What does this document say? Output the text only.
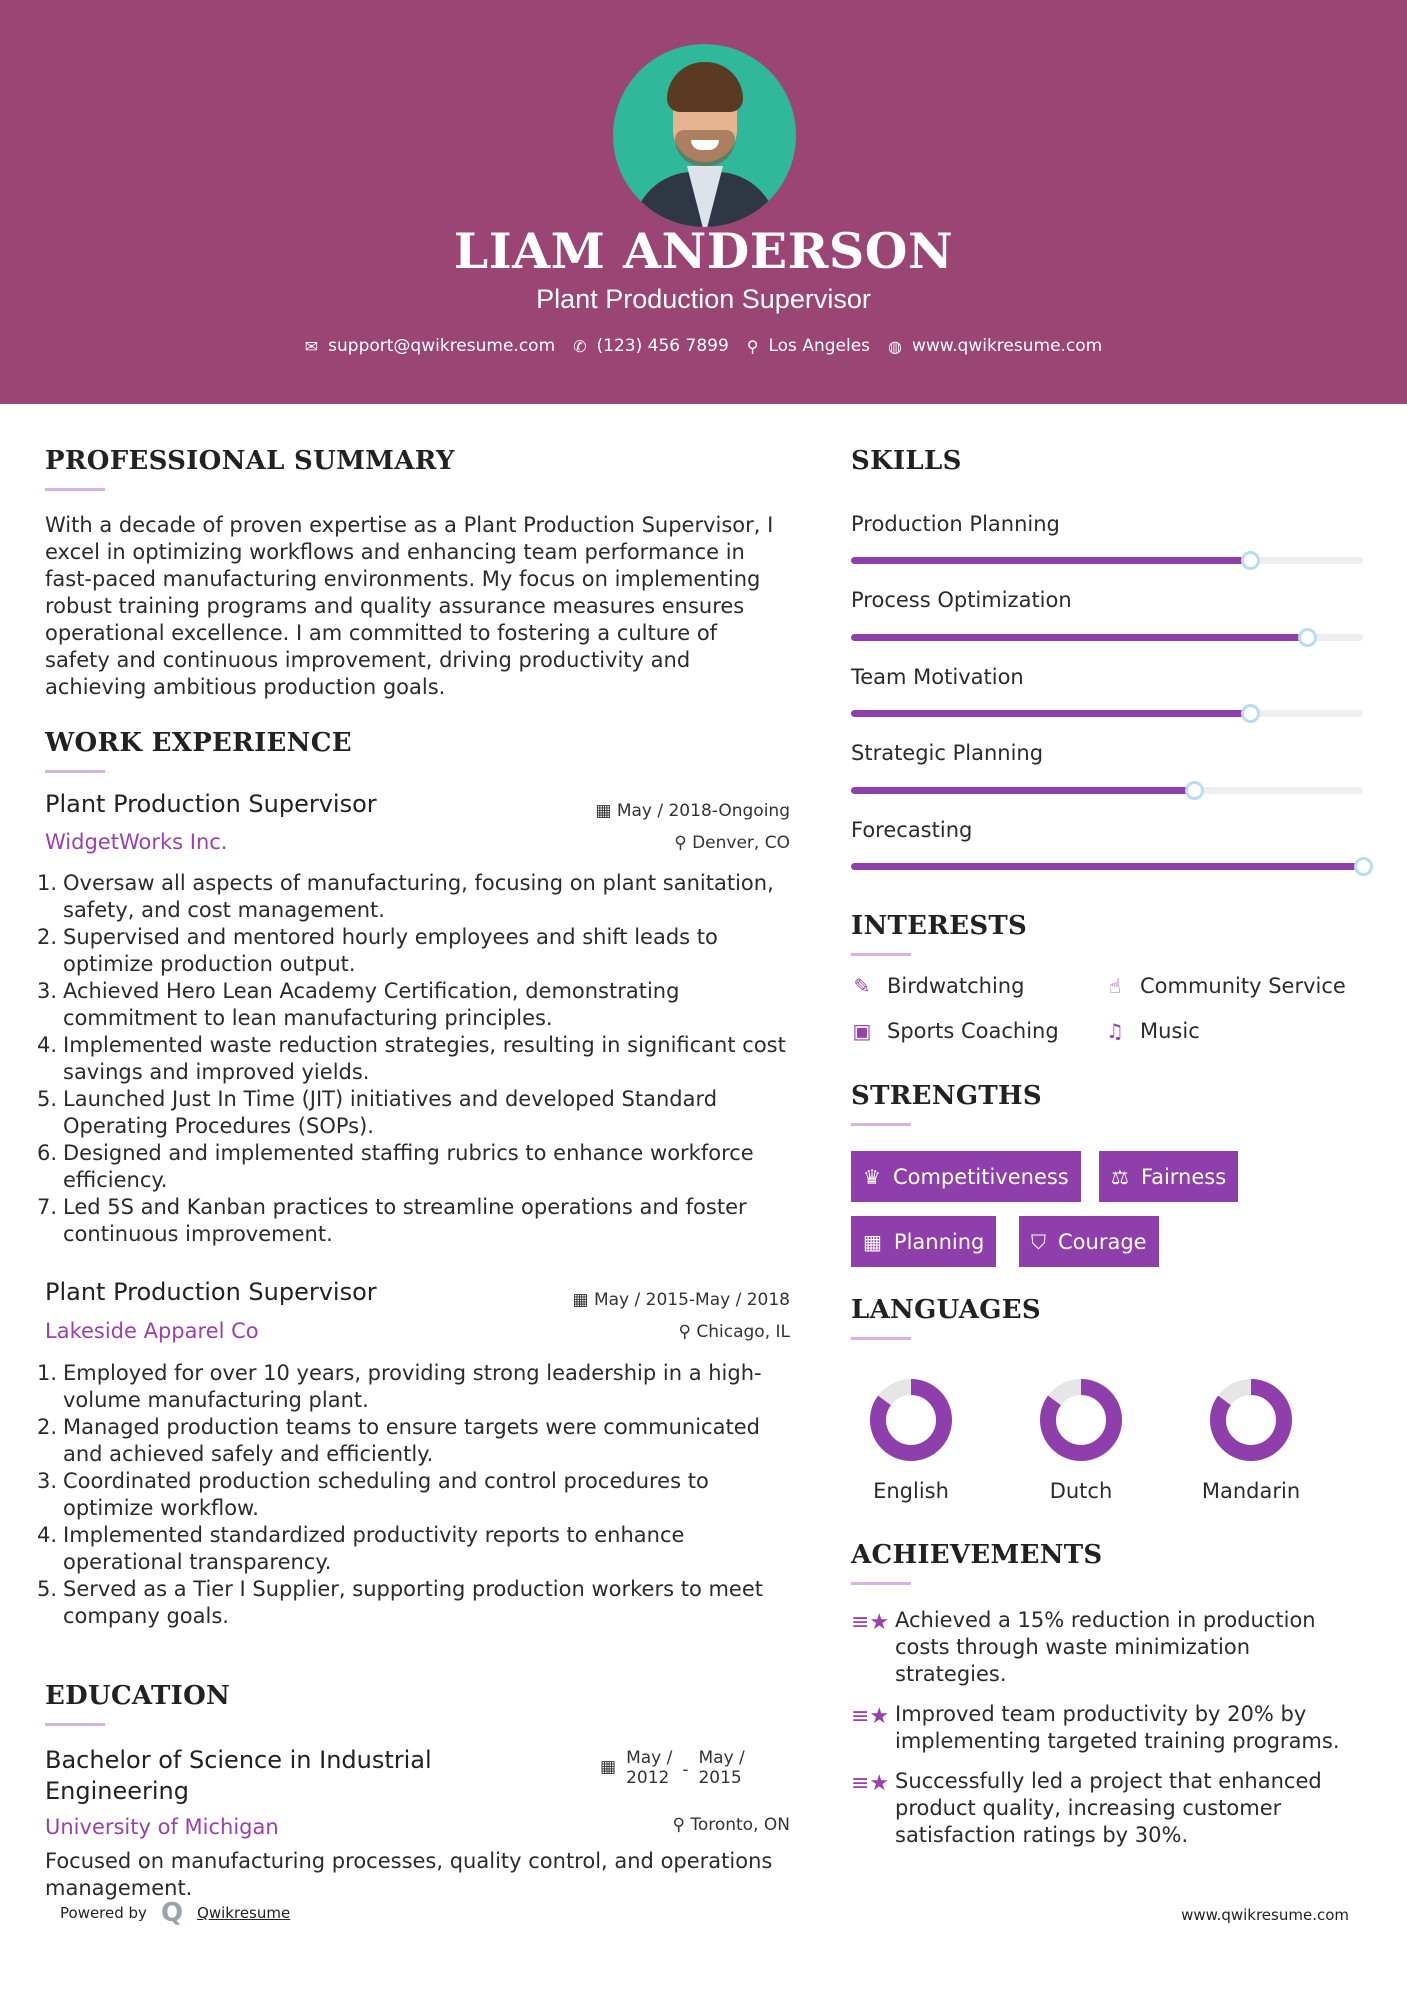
LIAM ANDERSON
Plant Production Supervisor
✉ support@qwikresume.com ✆ (123) 456 7899 ⚲ Los Angeles ◍ www.qwikresume.com
PROFESSIONAL SUMMARY
With a decade of proven expertise as a Plant Production Supervisor, I excel in optimizing workflows and enhancing team performance in fast-paced manufacturing environments. My focus on implementing robust training programs and quality assurance measures ensures operational excellence. I am committed to fostering a culture of safety and continuous improvement, driving productivity and achieving ambitious production goals.
WORK EXPERIENCE
Plant Production Supervisor
WidgetWorks Inc.
▦ May / 2018-Ongoing
⚲ Denver, CO
1. Oversaw all aspects of manufacturing, focusing on plant sanitation, safety, and cost management.
2. Supervised and mentored hourly employees and shift leads to optimize production output.
3. Achieved Hero Lean Academy Certification, demonstrating commitment to lean manufacturing principles.
4. Implemented waste reduction strategies, resulting in significant cost savings and improved yields.
5. Launched Just In Time (JIT) initiatives and developed Standard Operating Procedures (SOPs).
6. Designed and implemented staffing rubrics to enhance workforce efficiency.
7. Led 5S and Kanban practices to streamline operations and foster continuous improvement.
Plant Production Supervisor
Lakeside Apparel Co
▦ May / 2015-May / 2018
⚲ Chicago, IL
1. Employed for over 10 years, providing strong leadership in a high-volume manufacturing plant.
2. Managed production teams to ensure targets were communicated and achieved safely and efficiently.
3. Coordinated production scheduling and control procedures to optimize workflow.
4. Implemented standardized productivity reports to enhance operational transparency.
5. Served as a Tier I Supplier, supporting production workers to meet company goals.
EDUCATION
Bachelor of Science in Industrial
Engineering
University of Michigan
▦ May /
2012 -
May /
2015
⚲ Toronto, ON
Focused on manufacturing processes, quality control, and operations management.
SKILLS
Production Planning
Process Optimization
Team Motivation
Strategic Planning
Forecasting
INTERESTS
✎ Birdwatching	☝ Community Service
▣ Sports Coaching ♫ Music
STRENGTHS
♛ Competitiveness ⚖ Fairness
▦ Planning ⛉ Courage
LANGUAGES
English	Dutch	Mandarin
ACHIEVEMENTS
≡★ Achieved a 15% reduction in production costs through waste minimization strategies.
≡★ Improved team productivity by 20% by implementing targeted training programs.
≡★ Successfully led a project that enhanced product quality, increasing customer satisfaction ratings by 30%.
Powered by Q Qwikresume	www.qwikresume.com
